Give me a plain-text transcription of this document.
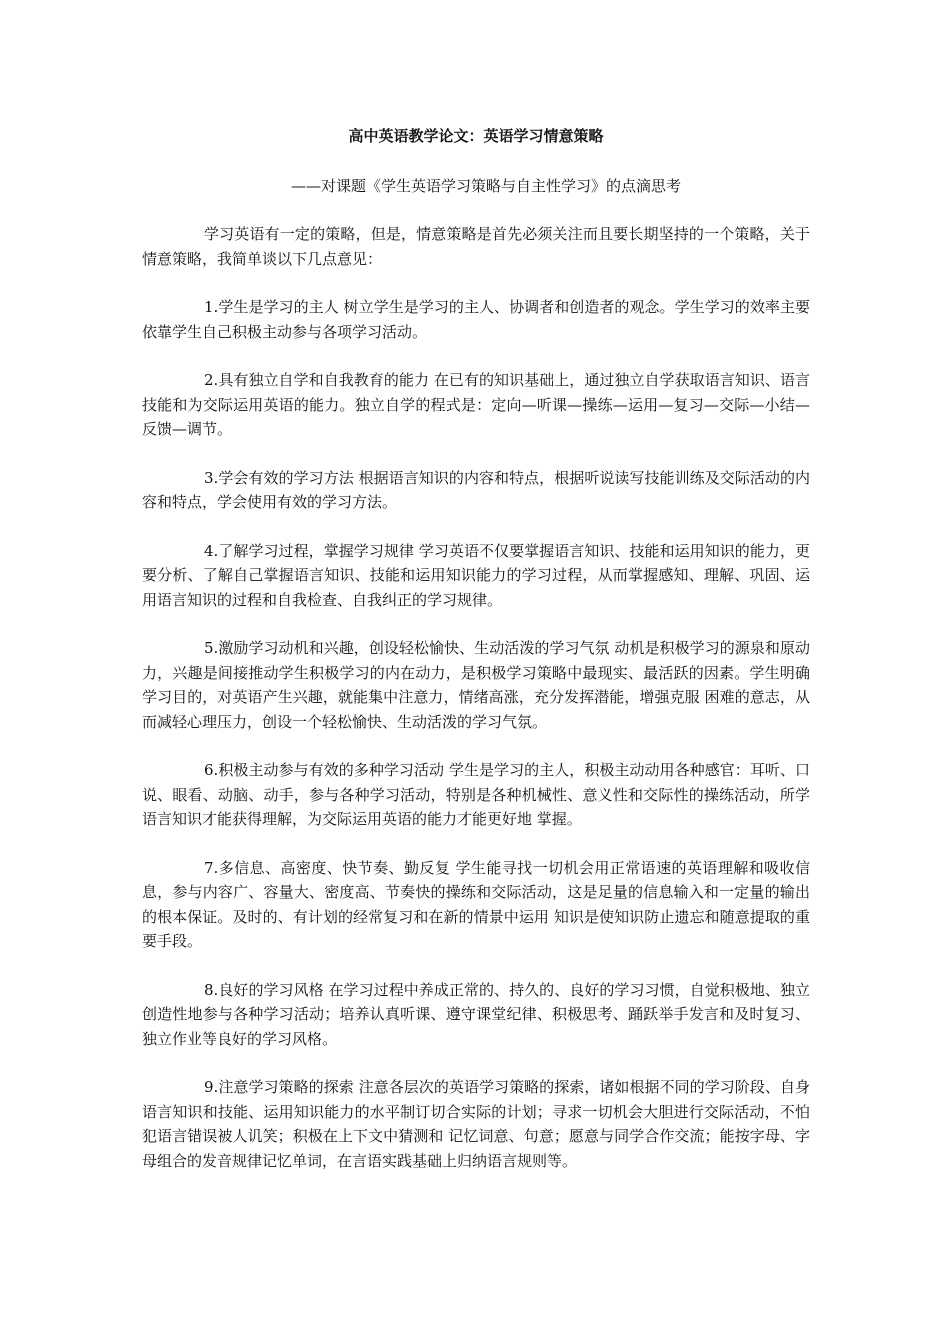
高中英语教学论文：英语学习情意策略
——对课题《学生英语学习策略与自主性学习》的点滴思考

学习英语有一定的策略，但是，情意策略是首先必须关注而且要长期坚持的一个策略，关于情意策略，我简单谈以下几点意见：

1.学生是学习的主人 树立学生是学习的主人、协调者和创造者的观念。学生学习的效率主要依靠学生自己积极主动参与各项学习活动。

2.具有独立自学和自我教育的能力 在已有的知识基础上，通过独立自学获取语言知识、语言技能和为交际运用英语的能力。独立自学的程式是：定向—听课—操练—运用—复习—交际—小结—反馈—调节。

3.学会有效的学习方法 根据语言知识的内容和特点，根据听说读写技能训练及交际活动的内容和特点，学会使用有效的学习方法。

4.了解学习过程，掌握学习规律 学习英语不仅要掌握语言知识、技能和运用知识的能力，更要分析、了解自己掌握语言知识、技能和运用知识能力的学习过程，从而掌握感知、理解、巩固、运用语言知识的过程和自我检查、自我纠正的学习规律。

5.激励学习动机和兴趣，创设轻松愉快、生动活泼的学习气氛 动机是积极学习的源泉和原动力，兴趣是间接推动学生积极学习的内在动力，是积极学习策略中最现实、最活跃的因素。学生明确学习目的，对英语产生兴趣，就能集中注意力，情绪高涨，充分发挥潜能，增强克服 困难的意志，从而减轻心理压力，创设一个轻松愉快、生动活泼的学习气氛。

6.积极主动参与有效的多种学习活动 学生是学习的主人，积极主动动用各种感官：耳听、口说、眼看、动脑、动手，参与各种学习活动，特别是各种机械性、意义性和交际性的操练活动，所学语言知识才能获得理解，为交际运用英语的能力才能更好地 掌握。

7.多信息、高密度、快节奏、勤反复 学生能寻找一切机会用正常语速的英语理解和吸收信息，参与内容广、容量大、密度高、节奏快的操练和交际活动，这是足量的信息输入和一定量的输出的根本保证。及时的、有计划的经常复习和在新的情景中运用 知识是使知识防止遗忘和随意提取的重要手段。

8.良好的学习风格 在学习过程中养成正常的、持久的、良好的学习习惯，自觉积极地、独立创造性地参与各种学习活动；培养认真听课、遵守课堂纪律、积极思考、踊跃举手发言和及时复习、独立作业等良好的学习风格。

9.注意学习策略的探索 注意各层次的英语学习策略的探索，诸如根据不同的学习阶段、自身语言知识和技能、运用知识能力的水平制订切合实际的计划；寻求一切机会大胆进行交际活动，不怕犯语言错误被人讥笑；积极在上下文中猜测和 记忆词意、句意；愿意与同学合作交流；能按字母、字母组合的发音规律记忆单词，在言语实践基础上归纳语言规则等。
